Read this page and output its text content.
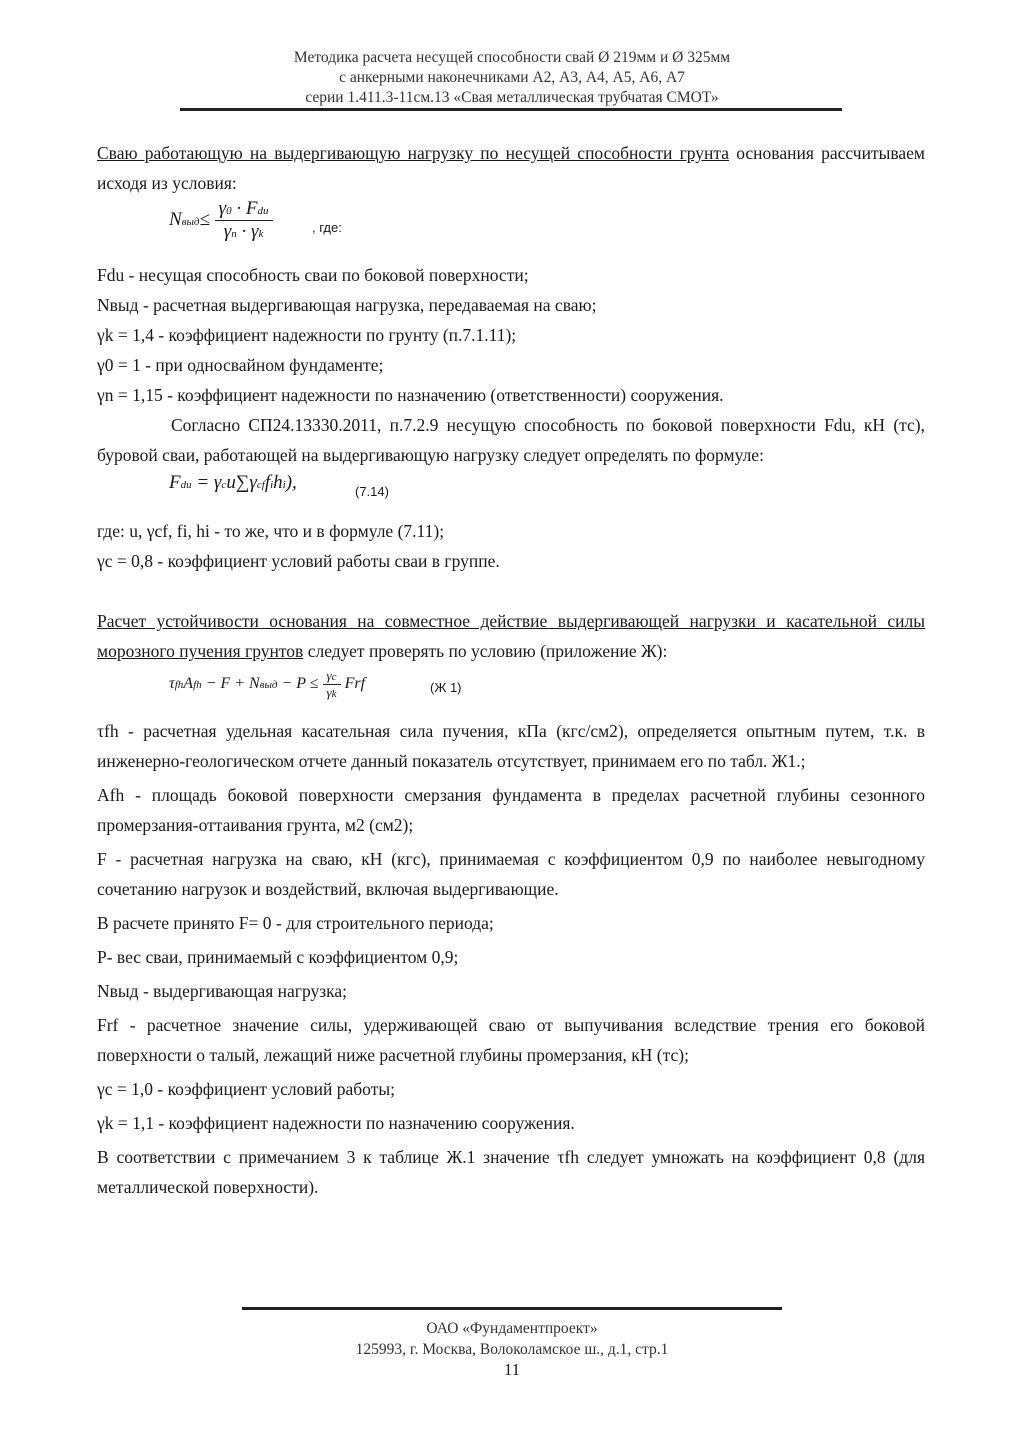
Методика расчета несущей способности свай Ø 219мм и Ø 325мм
с анкерными наконечниками А2, А3, А4, А5, А6, А7
серии 1.411.3-11см.13 «Свая металлическая трубчатая СМОТ»

Сваю работающую на выдергивающую нагрузку по несущей способности грунта основания рассчитываем исходя из условия:

Nвыд≤ $\frac{\text{γ0 · Fdu}}{\gamma n \cdot \gamma k}$	, где:

Fdu - несущая способность сваи по боковой поверхности;

Nвыд - расчетная выдергивающая нагрузка, передаваемая на сваю;

γk = 1,4 - коэффициент надежности по грунту (п.7.1.11);

γ0 = 1 - при односвайном фундаменте;

γn = 1,15 - коэффициент надежности по назначению (ответственности) сооружения.

Согласно СП24.13330.2011, п.7.2.9 несущую способность по боковой поверхности Fdu, кН (тс), буровой сваи, работающей на выдергивающую нагрузку следует определять по формуле:

Fdu = γcu∑γcffihi),	(7.14)

где: u, γcf, fi, hi - то же, что и в формуле (7.11);

γc = 0,8 - коэффициент условий работы сваи в группе.

Расчет устойчивости основания на совместное действие выдергивающей нагрузки и касательной силы морозного пучения грунтов следует проверять по условию (приложение Ж):

τfhAfh − F + Nвыд − $P \le \frac{\gamma c}{\gamma k}$ Frf	(Ж 1)

τfh - расчетная удельная касательная сила пучения, кПа (кгс/см2), определяется опытным путем, т.к. в инженерно-геологическом отчете данный показатель отсутствует, принимаем его по табл. Ж1.;

Afh - площадь боковой поверхности смерзания фундамента в пределах расчетной глубины сезонного промерзания-оттаивания грунта, м2 (см2);

F - расчетная нагрузка на сваю, кН (кгс), принимаемая с коэффициентом 0,9 по наиболее невыгодному сочетанию нагрузок и воздействий, включая выдергивающие.

В расчете принято F= 0 - для строительного периода;

P- вес сваи, принимаемый с коэффициентом 0,9;

Nвыд - выдергивающая нагрузка;

Frf - расчетное значение силы, удерживающей сваю от выпучивания вследствие трения его боковой поверхности о талый, лежащий ниже расчетной глубины промерзания, кН (тс);

γc = 1,0 - коэффициент условий работы;

γk = 1,1 - коэффициент надежности по назначению сооружения.

В соответствии с примечанием 3 к таблице Ж.1 значение τfh следует умножать на коэффициент 0,8 (для металлической поверхности).

ОАО «Фундаментпроект»
125993, г. Москва, Волоколамское ш., д.1, стр.1
11
